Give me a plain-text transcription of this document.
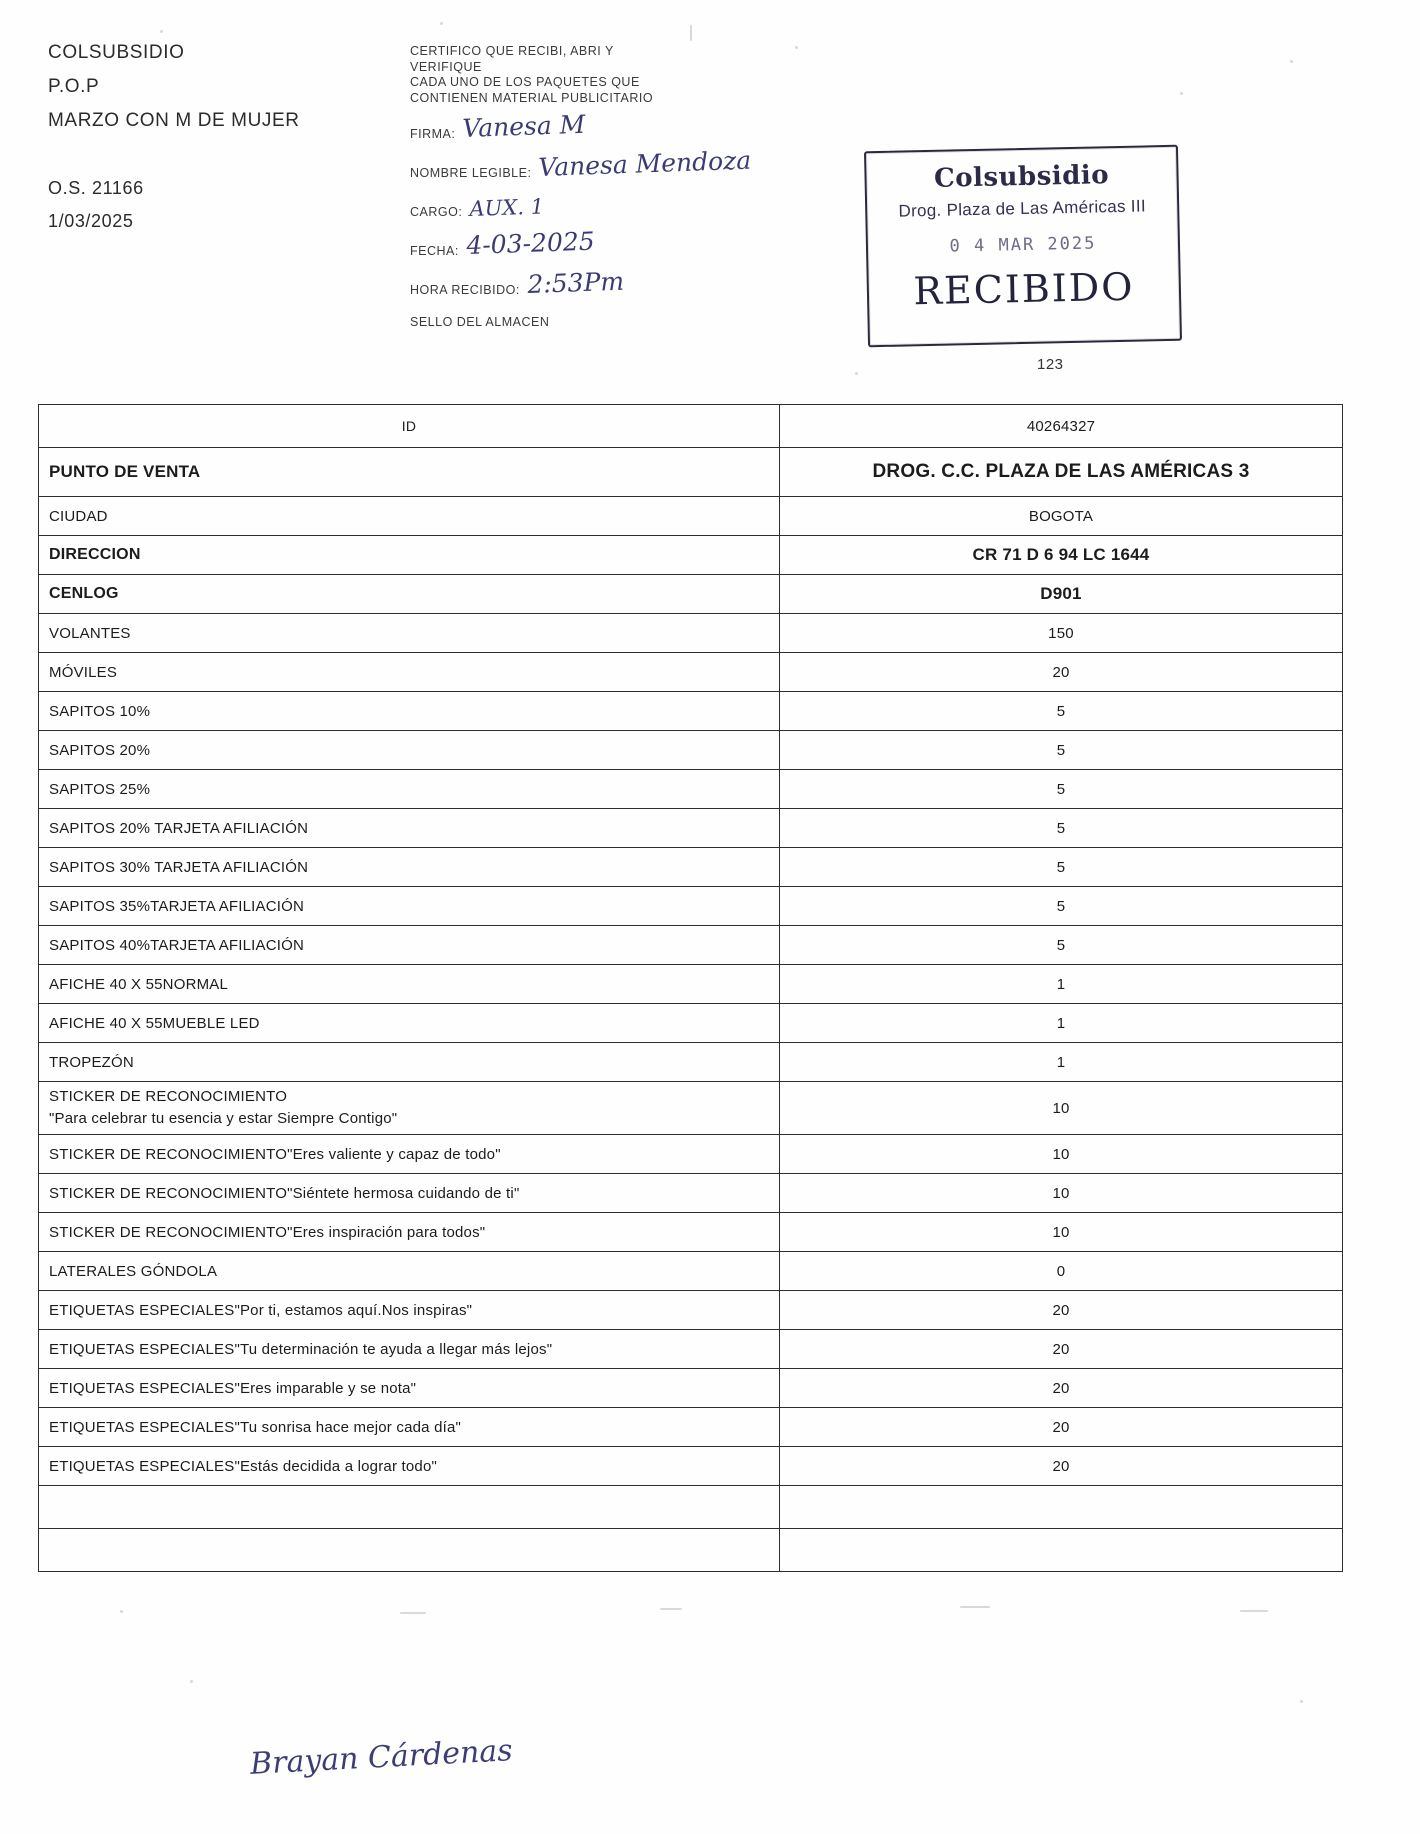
COLSUBSIDIO
P.O.P
MARZO CON M DE MUJER
O.S. 21166
1/03/2025
CERTIFICO QUE RECIBI, ABRI Y
VERIFIQUE
CADA UNO DE LOS PAQUETES QUE
CONTIENEN MATERIAL PUBLICITARIO
FIRMA: Vanesa M
NOMBRE LEGIBLE: Vanesa Mendoza
CARGO: AUX. 1
FECHA: 4-03-2025
HORA RECIBIDO: 2:53Pm
SELLO DEL ALMACEN
Colsubsidio
Drog. Plaza de Las Américas III
0 4 MAR 2025
RECIBIDO
123
ID	40264327
PUNTO DE VENTA	DROG. C.C. PLAZA DE LAS AMÉRICAS 3
CIUDAD	BOGOTA
DIRECCION	CR 71 D 6 94 LC 1644
CENLOG	D901
VOLANTES	150
MÓVILES	20
SAPITOS 10%	5
SAPITOS 20%	5
SAPITOS 25%	5
SAPITOS 20% TARJETA AFILIACIÓN	5
SAPITOS 30% TARJETA AFILIACIÓN	5
SAPITOS 35%TARJETA AFILIACIÓN	5
SAPITOS 40%TARJETA AFILIACIÓN	5
AFICHE 40 X 55NORMAL	1
AFICHE 40 X 55MUEBLE LED	1
TROPEZÓN	1

STICKER DE RECONOCIMIENTO
"Para celebrar tu esencia y estar Siempre Contigo"	10
STICKER DE RECONOCIMIENTO"Eres valiente y capaz de todo"	10
STICKER DE RECONOCIMIENTO"Siéntete hermosa cuidando de ti"	10
STICKER DE RECONOCIMIENTO"Eres inspiración para todos"	10
LATERALES GÓNDOLA	0
ETIQUETAS ESPECIALES"Por ti, estamos aquí.Nos inspiras"	20
ETIQUETAS ESPECIALES"Tu determinación te ayuda a llegar más lejos"	20
ETIQUETAS ESPECIALES"Eres imparable y se nota"	20
ETIQUETAS ESPECIALES"Tu sonrisa hace mejor cada día"	20
ETIQUETAS ESPECIALES"Estás decidida a lograr todo"	20

Brayan Cárdenas
